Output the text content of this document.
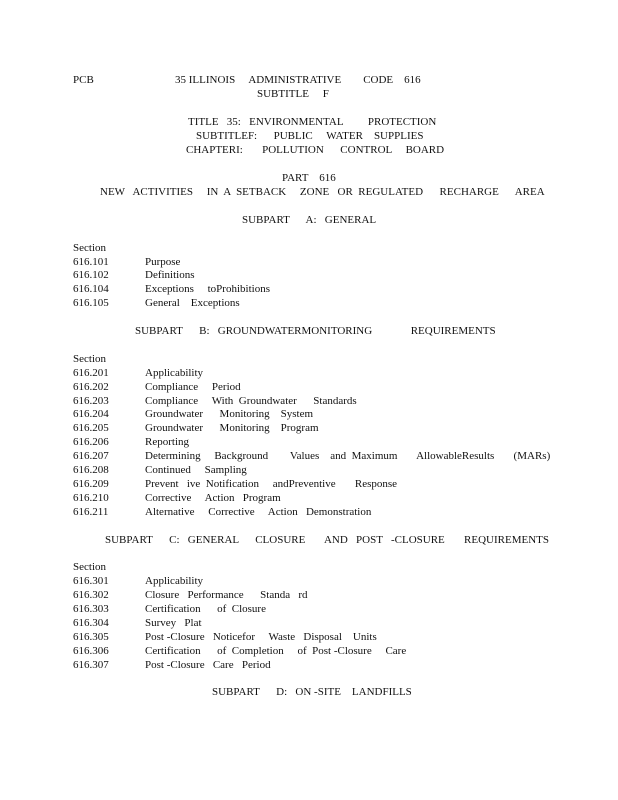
PCB	35 ILLINOIS     ADMINISTRATIVE        CODE    616
SUBTITLE     F
TITLE   35:   ENVIRONMENTAL         PROTECTION
SUBTITLEF:      PUBLIC     WATER    SUPPLIES
CHAPTERI:       POLLUTION      CONTROL     BOARD
PART    616
NEW   ACTIVITIES     IN  A  SETBACK     ZONE   OR  REGULATED      RECHARGE      AREA
SUBPART      A:   GENERAL
Section
616.101	Purpose
616.102	Definitions
616.104	Exceptions     toProhibitions
616.105	General    Exceptions
SUBPART      B:   GROUNDWATERMONITORING              REQUIREMENTS
Section
616.201	Applicability
616.202	Compliance     Period
616.203	Compliance     With  Groundwater      Standards
616.204	Groundwater      Monitoring    System
616.205	Groundwater      Monitoring    Program
616.206	Reporting
616.207	Determining     Background        Values    and  Maximum       AllowableResults       (MARs)
616.208	Continued     Sampling
616.209	Prevent   ive  Notification     andPreventive       Response
616.210	Corrective     Action   Program
616.211	Alternative     Corrective     Action   Demonstration
SUBPART      C:   GENERAL      CLOSURE       AND   POST   -CLOSURE       REQUIREMENTS
Section
616.301	Applicability
616.302	Closure   Performance      Standa   rd
616.303	Certification      of  Closure
616.304	Survey   Plat
616.305	Post -Closure   Noticefor     Waste   Disposal    Units
616.306	Certification      of  Completion     of  Post -Closure     Care
616.307	Post -Closure   Care   Period
SUBPART      D:   ON -SITE    LANDFILLS
